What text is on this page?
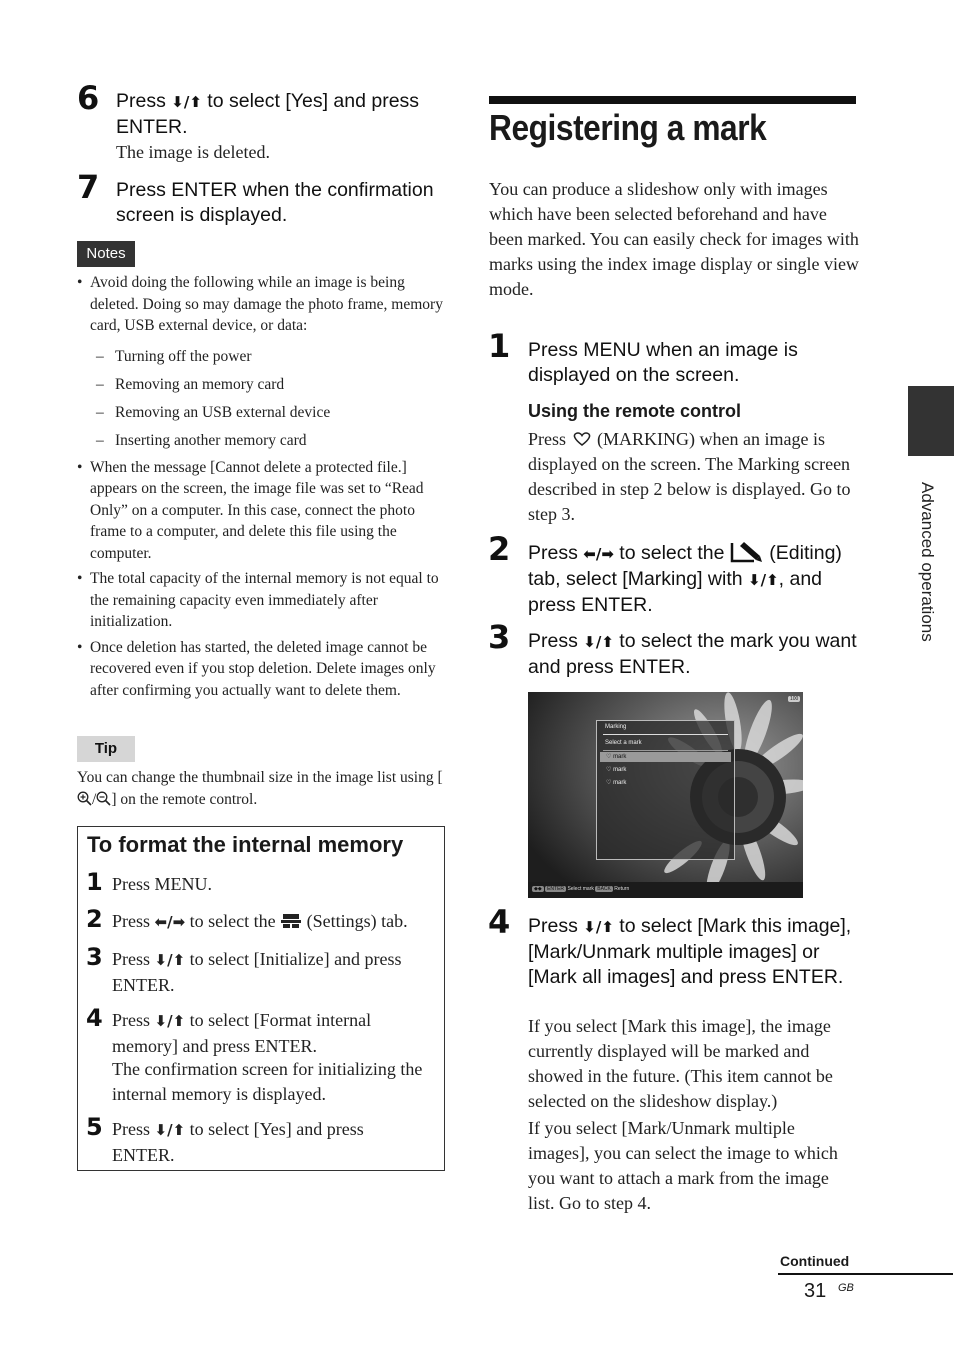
6 Press ⬇/⬆ to select [Yes] and press ENTER.
The image is deleted.
7 Press ENTER when the confirmation screen is displayed.
Notes
• Avoid doing the following while an image is being deleted. Doing so may damage the photo frame, memory card, USB external device, or data:
– Turning off the power
– Removing an memory card
– Removing an USB external device
– Inserting another memory card
• When the message [Cannot delete a protected file.] appears on the screen, the image file was set to “Read Only” on a computer. In this case, connect the photo frame to a computer, and delete this file using the computer.
• The total capacity of the internal memory is not equal to the remaining capacity even immediately after initialization.
• Once deletion has started, the deleted image cannot be recovered even if you stop deletion. Delete images only after confirming you actually want to delete them.
Tip
You can change the thumbnail size in the image list using [/ ] on the remote control.
To format the internal memory
1 Press MENU.
2 Press ⬅/➡ to select the  (Settings) tab.
3 Press ⬇/⬆ to select [Initialize] and press ENTER.
4 Press ⬇/⬆ to select [Format internal memory] and press ENTER.
The confirmation screen for initializing the internal memory is displayed.
5 Press ⬇/⬆ to select [Yes] and press ENTER.
Registering a mark
You can produce a slideshow only with images which have been selected beforehand and have been marked. You can easily check for images with marks using the index image display or single view mode.
1 Press MENU when an image is displayed on the screen.
Using the remote control
Press  (MARKING) when an image is displayed on the screen. The Marking screen described in step 2 below is displayed. Go to step 3.
2 Press ⬅/➡ to select the  (Editing) tab, select [Marking] with ⬇/⬆, and press ENTER.
3 Press ⬇/⬆ to select the mark you want and press ENTER.
Marking
Select a mark
♡ mark
♡ mark
♡ mark
100
◆◆ ENTER Select mark BACK Return
4 Press ⬇/⬆ to select [Mark this image], [Mark/Unmark multiple images] or [Mark all images] and press ENTER.
If you select [Mark this image], the image currently displayed will be marked and showed in the future. (This item cannot be selected on the slideshow display.)
If you select [Mark/Unmark multiple images], you can select the image to which you want to attach a mark from the image list. Go to step 4.
Advanced operations
Continued
31 GB
